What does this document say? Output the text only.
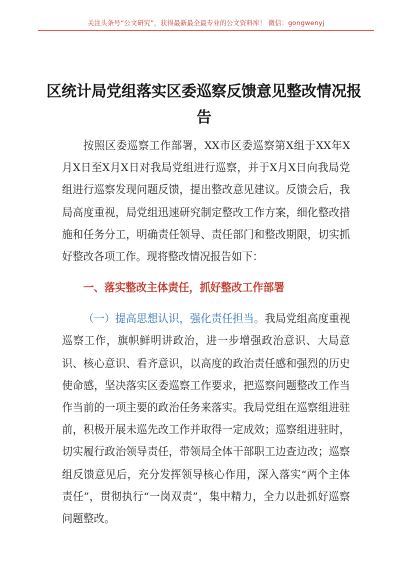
关注头条号“公文研究”，获得最新最全最专业的公文资料库！ 微信：gongwenyj
区统计局党组落实区委巡察反馈意见整改情况报告

按照区委巡察工作部署，XX市区委巡察第X组于XX年X月X日至X月X日对我局党组进行巡察，并于X月X日向我局党组进行巡察发现问题反馈，提出整改意见建议。反馈会后，我局高度重视，局党组迅速研究制定整改工作方案，细化整改措施和任务分工，明确责任领导、责任部门和整改期限，切实抓好整改各项工作。现将整改情况报告如下：

一、落实整改主体责任，抓好整改工作部署

（一）提高思想认识，强化责任担当。我局党组高度重视巡察工作，旗帜鲜明讲政治，进一步增强政治意识、大局意识、核心意识、看齐意识，以高度的政治责任感和强烈的历史使命感，坚决落实区委巡察工作要求，把巡察问题整改工作当作当前的一项主要的政治任务来落实。我局党组在巡察组进驻前，积极开展未巡先改工作并取得一定成效；巡察组进驻时，切实履行政治领导责任，带领局全体干部职工边查边改；巡察组反馈意见后，充分发挥领导核心作用，深入落实“两个主体责任”，贯彻执行“一岗双责”，集中精力，全力以赴抓好巡察问题整改。
